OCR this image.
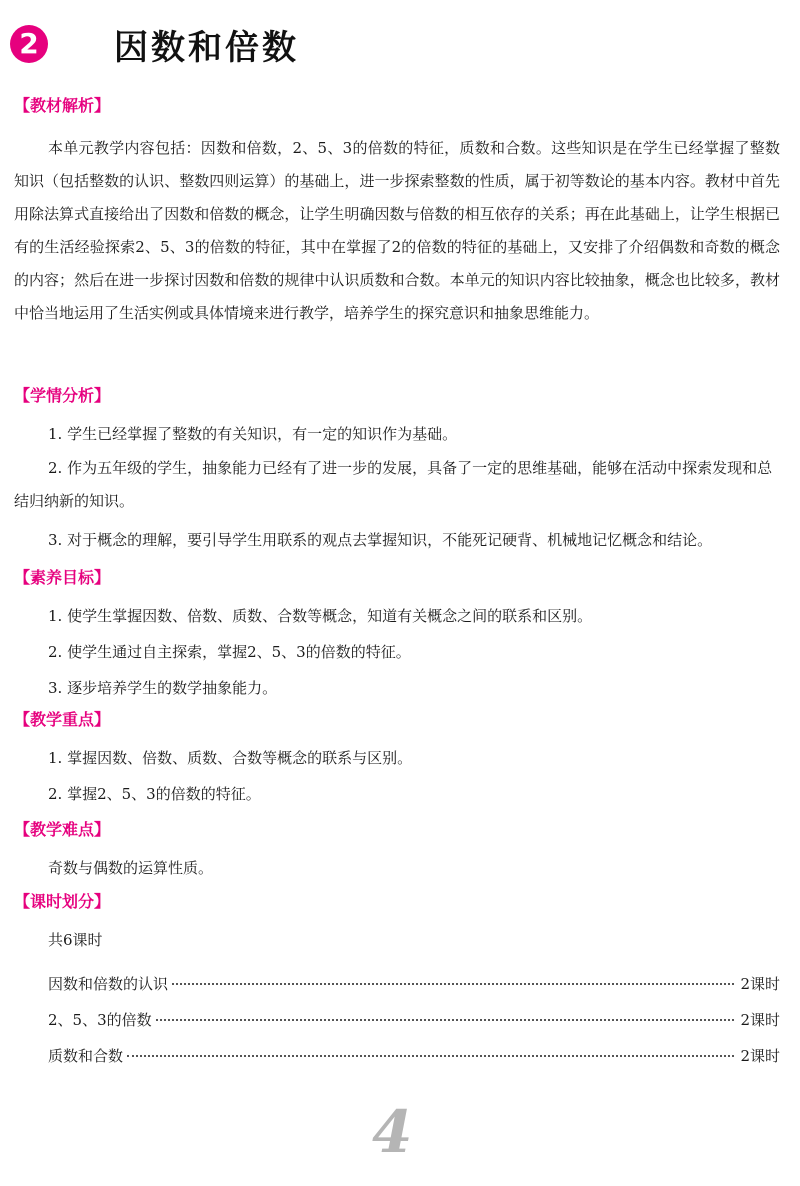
2 因数和倍数

【教材解析】

本单元教学内容包括：因数和倍数，2、5、3的倍数的特征，质数和合数。这些知识是在学生已经掌握了整数知识（包括整数的认识、整数四则运算）的基础上，进一步探索整数的性质，属于初等数论的基本内容。教材中首先用除法算式直接给出了因数和倍数的概念，让学生明确因数与倍数的相互依存的关系；再在此基础上，让学生根据已有的生活经验探索2、5、3的倍数的特征，其中在掌握了2的倍数的特征的基础上，又安排了介绍偶数和奇数的概念的内容；然后在进一步探讨因数和倍数的规律中认识质数和合数。本单元的知识内容比较抽象，概念也比较多，教材中恰当地运用了生活实例或具体情境来进行教学，培养学生的探究意识和抽象思维能力。

【学情分析】

1. 学生已经掌握了整数的有关知识，有一定的知识作为基础。

2. 作为五年级的学生，抽象能力已经有了进一步的发展，具备了一定的思维基础，能够在活动中探索发现和总结归纳新的知识。

3. 对于概念的理解，要引导学生用联系的观点去掌握知识，不能死记硬背、机械地记忆概念和结论。

【素养目标】

1. 使学生掌握因数、倍数、质数、合数等概念，知道有关概念之间的联系和区别。

2. 使学生通过自主探索，掌握2、5、3的倍数的特征。

3. 逐步培养学生的数学抽象能力。

【教学重点】

1. 掌握因数、倍数、质数、合数等概念的联系与区别。

2. 掌握2、5、3的倍数的特征。

【教学难点】

奇数与偶数的运算性质。

【课时划分】

共6课时

因数和倍数的认识	2课时
2、5、3的倍数	2课时
质数和合数	2课时
4
